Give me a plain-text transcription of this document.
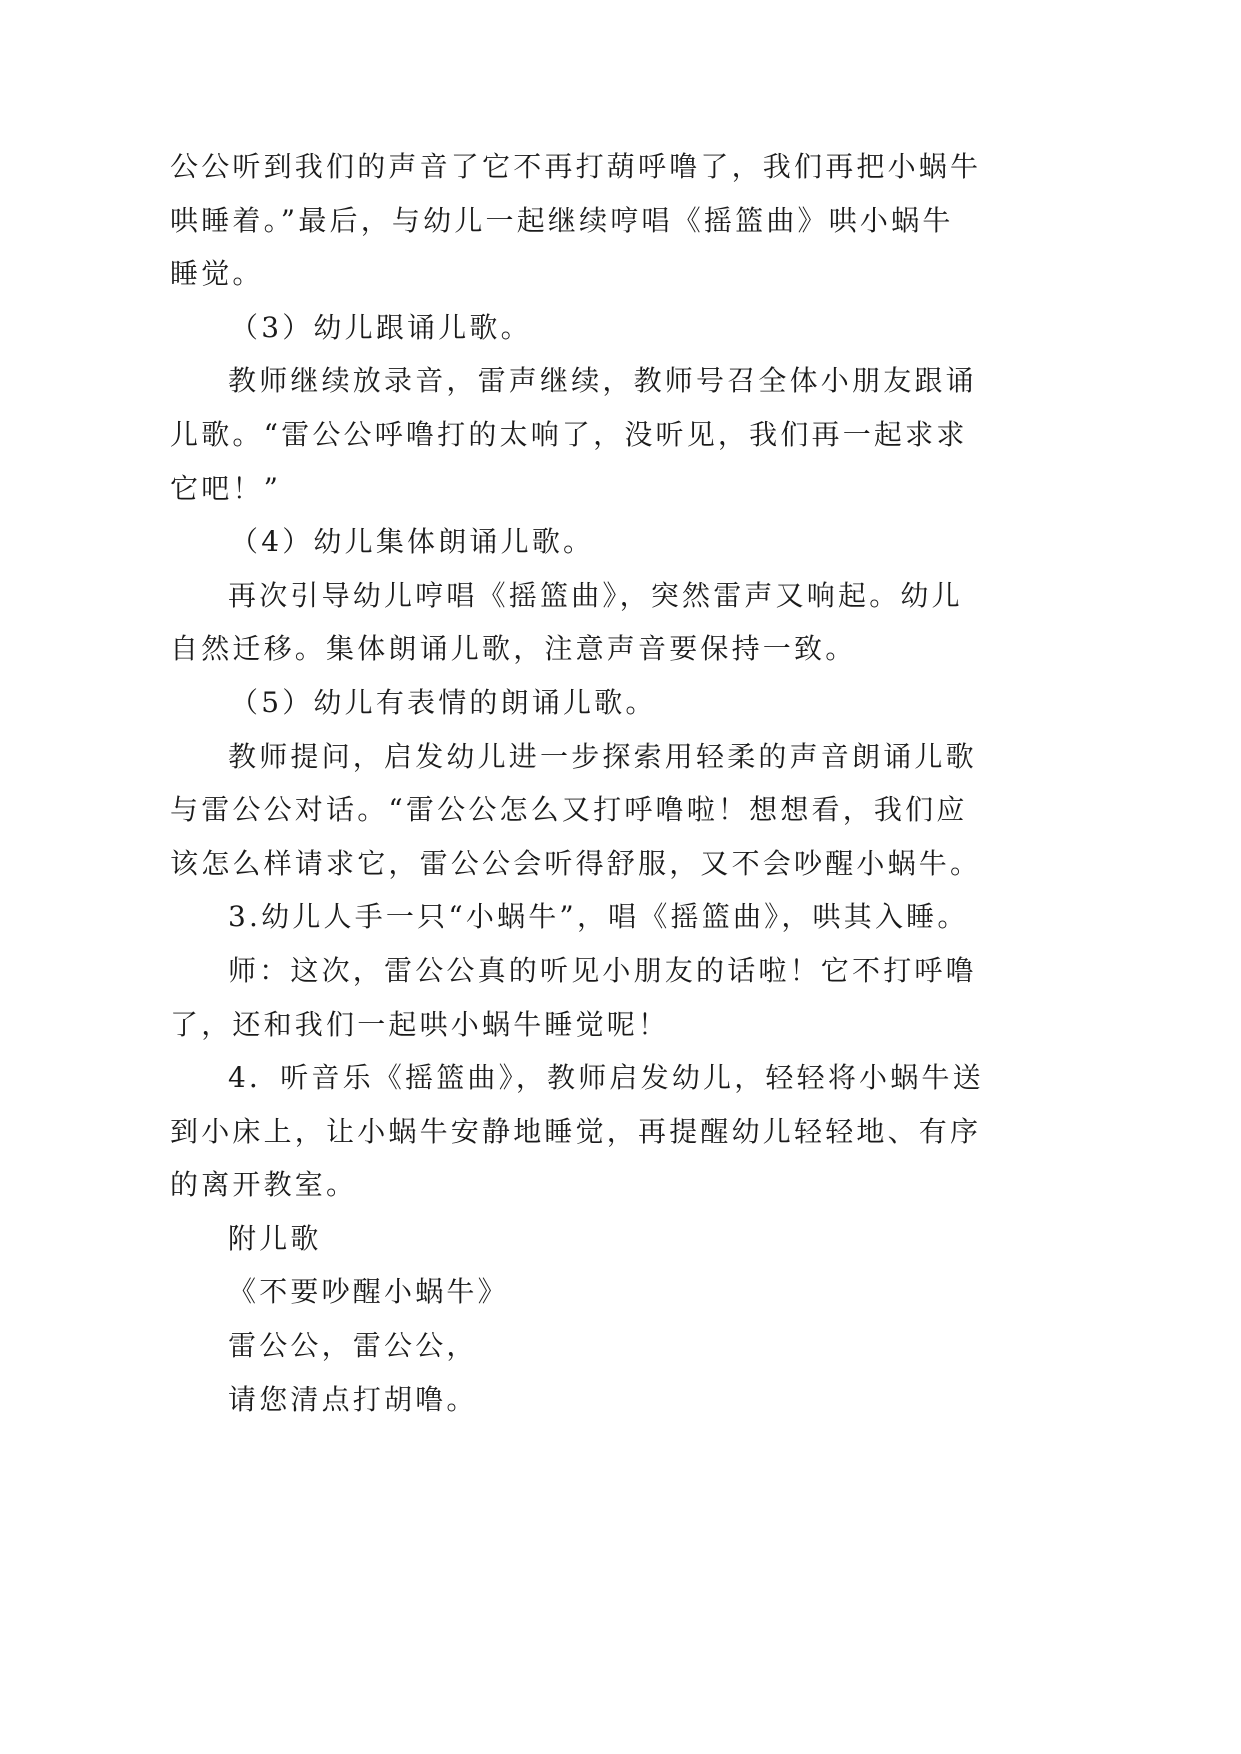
公公听到我们的声音了它不再打葫呼噜了，我们再把小蜗牛
哄睡着。”最后，与幼儿一起继续哼唱《摇篮曲》哄小蜗牛
睡觉。
（3）幼儿跟诵儿歌。
教师继续放录音，雷声继续，教师号召全体小朋友跟诵
儿歌。“雷公公呼噜打的太响了，没听见，我们再一起求求
它吧！”
（4）幼儿集体朗诵儿歌。
再次引导幼儿哼唱《摇篮曲》，突然雷声又响起。幼儿
自然迁移。集体朗诵儿歌，注意声音要保持一致。
（5）幼儿有表情的朗诵儿歌。
教师提问，启发幼儿进一步探索用轻柔的声音朗诵儿歌
与雷公公对话。“雷公公怎么又打呼噜啦！想想看，我们应
该怎么样请求它，雷公公会听得舒服，又不会吵醒小蜗牛。
3.幼儿人手一只“小蜗牛”，唱《摇篮曲》，哄其入睡。
师：这次，雷公公真的听见小朋友的话啦！它不打呼噜
了，还和我们一起哄小蜗牛睡觉呢！
4．听音乐《摇篮曲》，教师启发幼儿，轻轻将小蜗牛送
到小床上，让小蜗牛安静地睡觉，再提醒幼儿轻轻地、有序
的离开教室。
附儿歌
《不要吵醒小蜗牛》
雷公公，雷公公，
请您清点打胡噜。
